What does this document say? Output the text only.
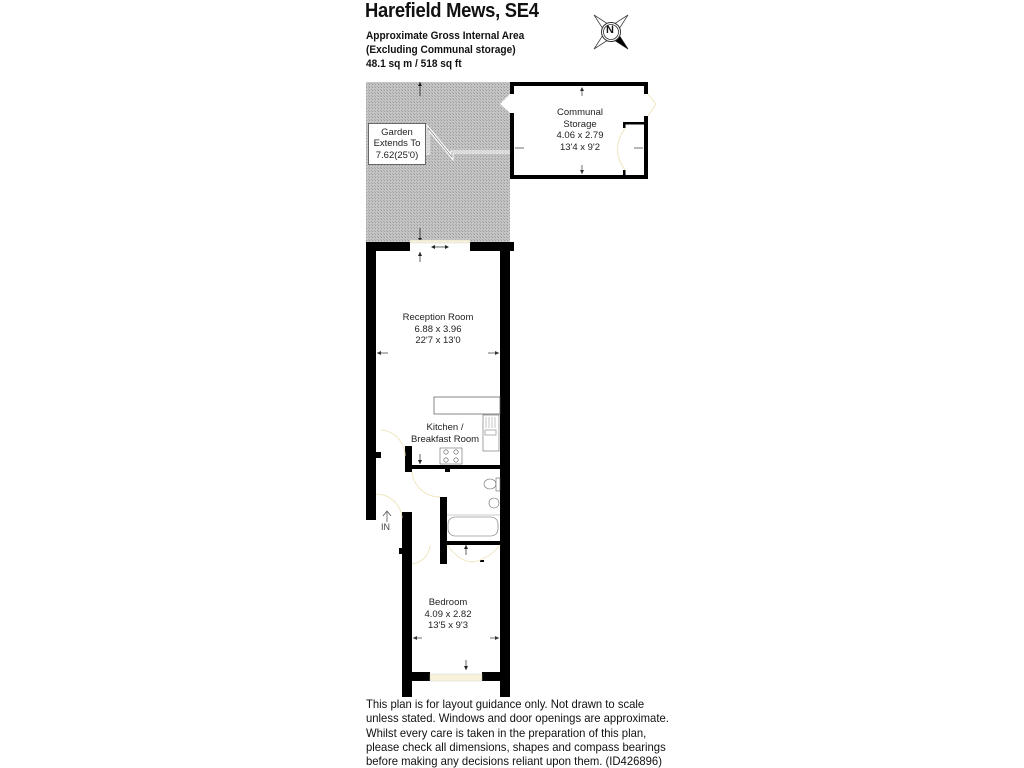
Harefield Mews, SE4
Approximate Gross Internal Area
(Excluding Communal storage)
48.1 sq m / 518 sq ft
N
Garden
Extends To
7.62(25'0)
Communal
Storage
4.06 x 2.79
13'4 x 9'2
Reception Room
6.88 x 3.96
22'7 x 13'0
Kitchen /
Breakfast Room
Bedroom
4.09 x 2.82
13'5 x 9'3
IN
This plan is for layout guidance only. Not drawn to scale
unless stated. Windows and door openings are approximate.
Whilst every care is taken in the preparation of this plan,
please check all dimensions, shapes and compass bearings
before making any decisions reliant upon them. (ID426896)
